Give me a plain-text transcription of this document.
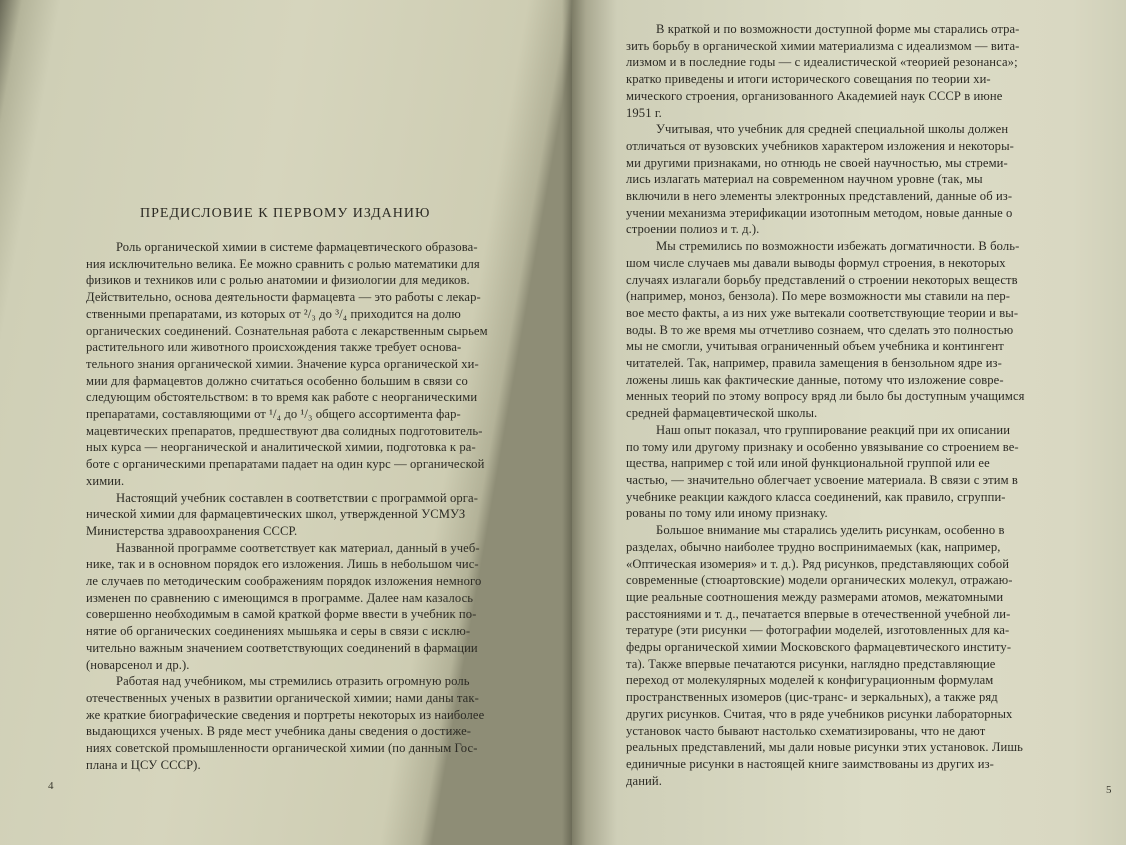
ПРЕДИСЛОВИЕ К ПЕРВОМУ ИЗДАНИЮ
Роль органической химии в системе фармацевтического образова-
ния исключительно велика. Ее можно сравнить с ролью математики для
физиков и техников или с ролью анатомии и физиологии для медиков.
Действительно, основа деятельности фармацевта — это работы с лекар-
ственными препаратами, из которых от ²/₃ до ³/₄ приходится на долю
органических соединений. Сознательная работа с лекарственным сырьем
растительного или животного происхождения также требует основа-
тельного знания органической химии. Значение курса органической хи-
мии для фармацевтов должно считаться особенно большим в связи со
следующим обстоятельством: в то время как работе с неорганическими
препаратами, составляющими от ¹/₄ до ¹/₃ общего ассортимента фар-
мацевтических препаратов, предшествуют два солидных подготовитель-
ных курса — неорганической и аналитической химии, подготовка к ра-
боте с органическими препаратами падает на один курс — органической
химии.
Настоящий учебник составлен в соответствии с программой орга-
нической химии для фармацевтических школ, утвержденной УСМУЗ
Министерства здравоохранения СССР.
Названной программе соответствует как материал, данный в учеб-
нике, так и в основном порядок его изложения. Лишь в небольшом чис-
ле случаев по методическим соображениям порядок изложения немного
изменен по сравнению с имеющимся в программе. Далее нам казалось
совершенно необходимым в самой краткой форме ввести в учебник по-
нятие об органических соединениях мышьяка и серы в связи с исклю-
чительно важным значением соответствующих соединений в фармации
(новарсенол и др.).
Работая над учебником, мы стремились отразить огромную роль
отечественных ученых в развитии органической химии; нами даны так-
же краткие биографические сведения и портреты некоторых из наиболее
выдающихся ученых. В ряде мест учебника даны сведения о достиже-
ниях советской промышленности органической химии (по данным Гос-
плана и ЦСУ СССР).
4
В краткой и по возможности доступной форме мы старались отра-
зить борьбу в органической химии материализма с идеализмом — вита-
лизмом и в последние годы — с идеалистической «теорией резонанса»;
кратко приведены и итоги исторического совещания по теории хи-
мического строения, организованного Академией наук СССР в июне
1951 г.
Учитывая, что учебник для средней специальной школы должен
отличаться от вузовских учебников характером изложения и некоторы-
ми другими признаками, но отнюдь не своей научностью, мы стреми-
лись излагать материал на современном научном уровне (так, мы
включили в него элементы электронных представлений, данные об из-
учении механизма этерификации изотопным методом, новые данные о
строении полиоз и т. д.).
Мы стремились по возможности избежать догматичности. В боль-
шом числе случаев мы давали выводы формул строения, в некоторых
случаях излагали борьбу представлений о строении некоторых веществ
(например, моноз, бензола). По мере возможности мы ставили на пер-
вое место факты, а из них уже вытекали соответствующие теории и вы-
воды. В то же время мы отчетливо сознаем, что сделать это полностью
мы не смогли, учитывая ограниченный объем учебника и контингент
читателей. Так, например, правила замещения в бензольном ядре из-
ложены лишь как фактические данные, потому что изложение совре-
менных теорий по этому вопросу вряд ли было бы доступным учащимся
средней фармацевтической школы.
Наш опыт показал, что группирование реакций при их описании
по тому или другому признаку и особенно увязывание со строением ве-
щества, например с той или иной функциональной группой или ее
частью, — значительно облегчает усвоение материала. В связи с этим в
учебнике реакции каждого класса соединений, как правило, сгруппи-
рованы по тому или иному признаку.
Большое внимание мы старались уделить рисункам, особенно в
разделах, обычно наиболее трудно воспринимаемых (как, например,
«Оптическая изомерия» и т. д.). Ряд рисунков, представляющих собой
современные (стюартовские) модели органических молекул, отражаю-
щие реальные соотношения между размерами атомов, межатомными
расстояниями и т. д., печатается впервые в отечественной учебной ли-
тературе (эти рисунки — фотографии моделей, изготовленных для ка-
федры органической химии Московского фармацевтического институ-
та). Также впервые печатаются рисунки, наглядно представляющие
переход от молекулярных моделей к конфигурационным формулам
пространственных изомеров (цис-транс- и зеркальных), а также ряд
других рисунков. Считая, что в ряде учебников рисунки лабораторных
установок часто бывают настолько схематизированы, что не дают
реальных представлений, мы дали новые рисунки этих установок. Лишь
единичные рисунки в настоящей книге заимствованы из других из-
даний.
5
